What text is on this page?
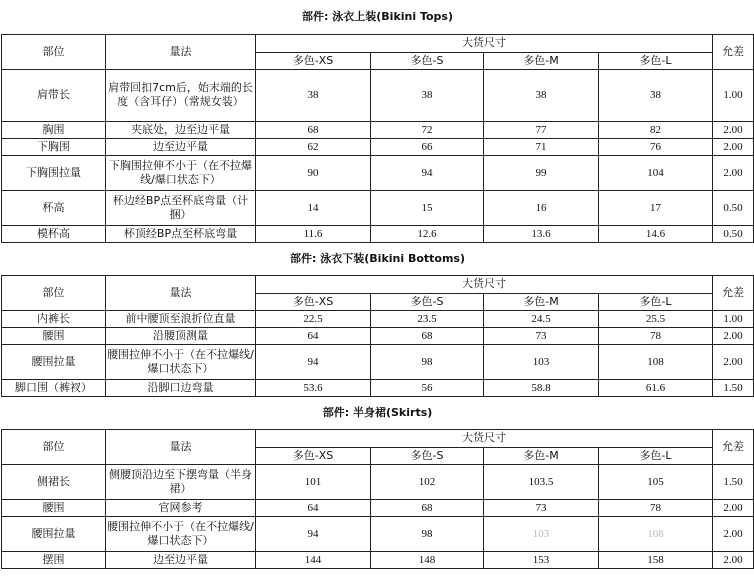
部件: 泳衣上装(Bikini Tops)						
部位	量法	大货尺寸				允差
		多色-XS	多色-S	多色-M	多色-L	
肩带长	肩带回扣7cm后，始末端的长度（含耳仔）（常规女装）	38	38	38	38	1.00
胸围	夹底处，边至边平量	68	72	77	82	2.00
下胸围	边至边平量	62	66	71	76	2.00
下胸围拉量	下胸围拉伸不小于（在不拉爆线/爆口状态下）	90	94	99	104	2.00
杯高	杯边经BP点至杯底弯量（计捆）	14	15	16	17	0.50
模杯高	杯顶经BP点至杯底弯量	11.6	12.6	13.6	14.6	0.50
部件: 泳衣下装(Bikini Bottoms)						
部位	量法	大货尺寸				允差
		多色-XS	多色-S	多色-M	多色-L	
内裤长	前中腰顶至浪折位直量	22.5	23.5	24.5	25.5	1.00
腰围	沿腰顶测量	64	68	73	78	2.00
腰围拉量	腰围拉伸不小于（在不拉爆线/爆口状态下）	94	98	103	108	2.00
脚口围（裤衩）	沿脚口边弯量	53.6	56	58.8	61.6	1.50
部件: 半身裙(Skirts)						
部位	量法	大货尺寸				允差
		多色-XS	多色-S	多色-M	多色-L	
侧裙长	侧腰顶沿边至下摆弯量（半身裙）	101	102	103.5	105	1.50
腰围	官网参考	64	68	73	78	2.00
腰围拉量	腰围拉伸不小于（在不拉爆线/爆口状态下）	94	98	103	108	2.00
摆围	边至边平量	144	148	153	158	2.00
